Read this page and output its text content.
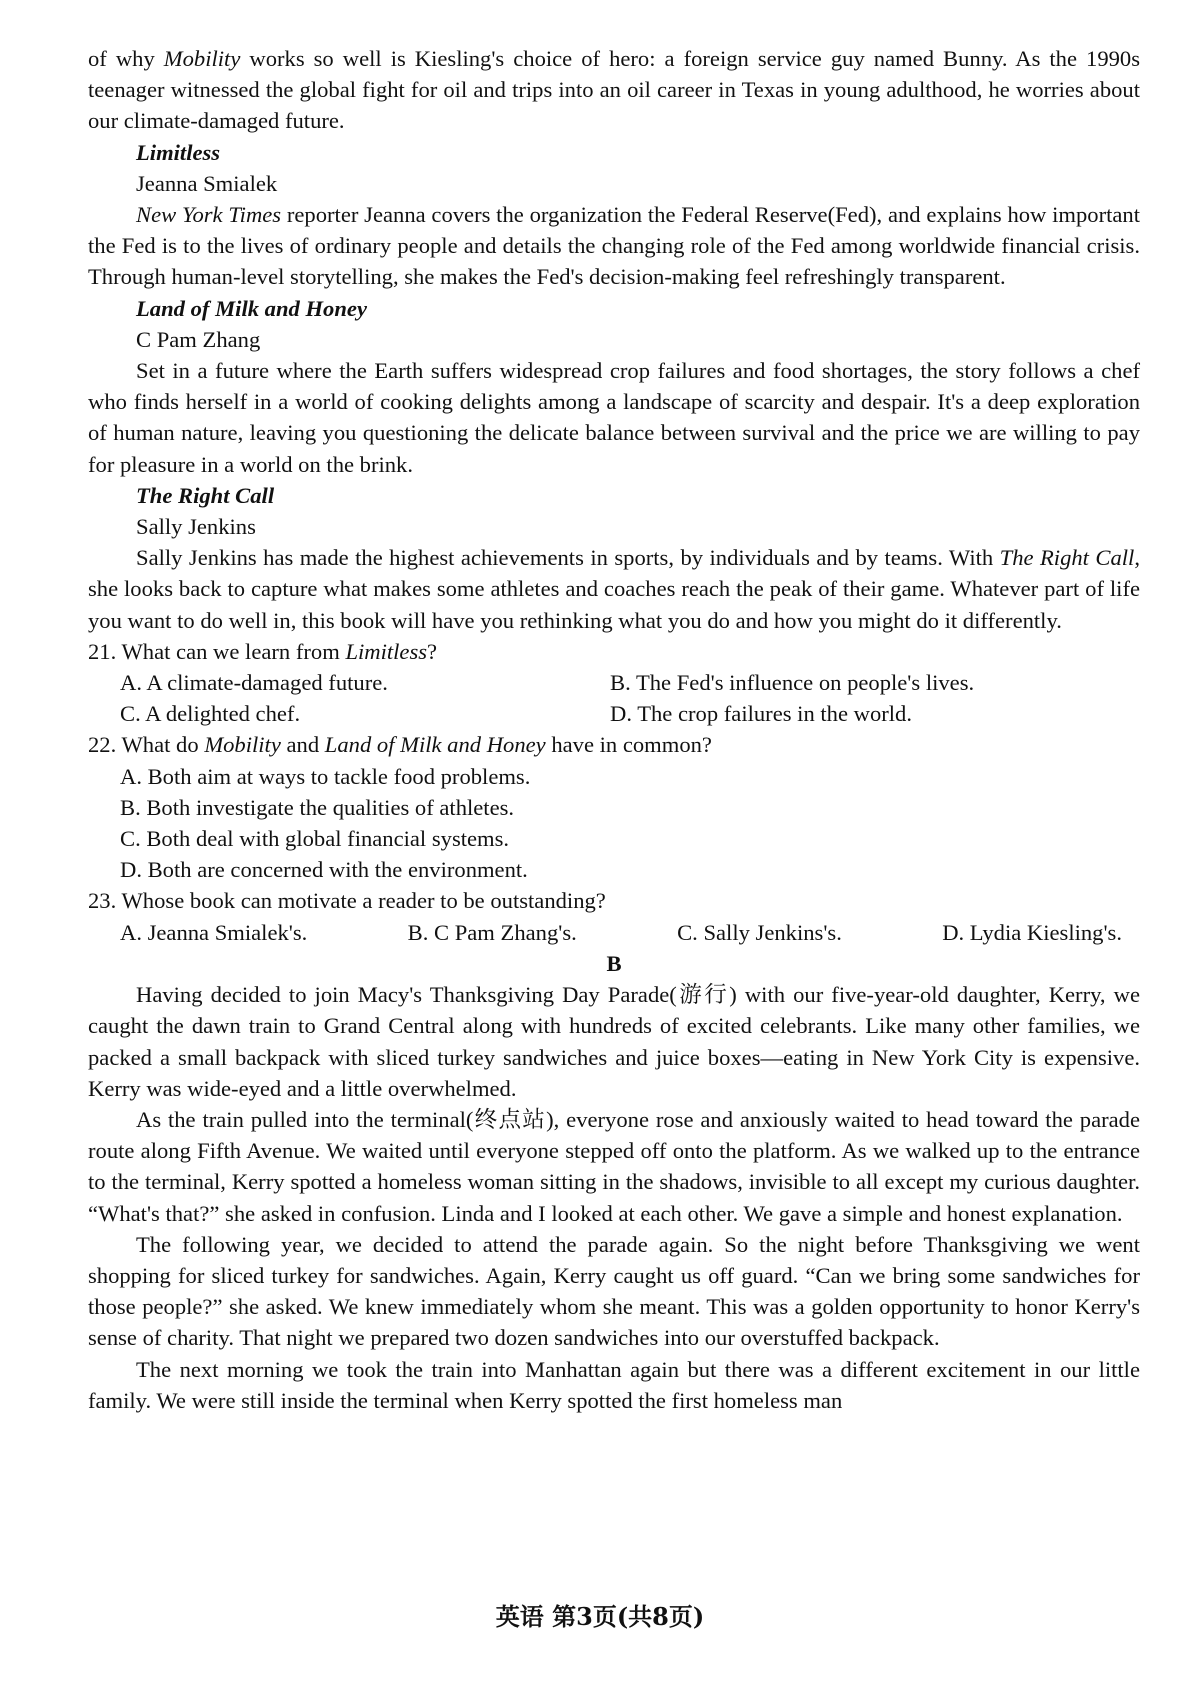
of why Mobility works so well is Kiesling's choice of hero: a foreign service guy named Bunny. As the 1990s teenager witnessed the global fight for oil and trips into an oil career in Texas in young adulthood, he worries about our climate-damaged future.

Limitless

Jeanna Smialek

New York Times reporter Jeanna covers the organization the Federal Reserve(Fed), and explains how important the Fed is to the lives of ordinary people and details the changing role of the Fed among worldwide financial crisis. Through human-level storytelling, she makes the Fed's decision-making feel refreshingly transparent.

Land of Milk and Honey

C Pam Zhang

Set in a future where the Earth suffers widespread crop failures and food shortages, the story follows a chef who finds herself in a world of cooking delights among a landscape of scarcity and despair. It's a deep exploration of human nature, leaving you questioning the delicate balance between survival and the price we are willing to pay for pleasure in a world on the brink.

The Right Call

Sally Jenkins

Sally Jenkins has made the highest achievements in sports, by individuals and by teams. With The Right Call, she looks back to capture what makes some athletes and coaches reach the peak of their game. Whatever part of life you want to do well in, this book will have you rethinking what you do and how you might do it differently.

21. What can we learn from Limitless?

A. A climate-damaged future.	B. The Fed's influence on people's lives.
C. A delighted chef.	D. The crop failures in the world.

22. What do Mobility and Land of Milk and Honey have in common?

A. Both aim at ways to tackle food problems.

B. Both investigate the qualities of athletes.

C. Both deal with global financial systems.

D. Both are concerned with the environment.

23. Whose book can motivate a reader to be outstanding?

A. Jeanna Smialek's.	B. C Pam Zhang's.	C. Sally Jenkins's.	D. Lydia Kiesling's.

B

Having decided to join Macy's Thanksgiving Day Parade(游行) with our five-year-old daughter, Kerry, we caught the dawn train to Grand Central along with hundreds of excited celebrants. Like many other families, we packed a small backpack with sliced turkey sandwiches and juice boxes—eating in New York City is expensive. Kerry was wide-eyed and a little overwhelmed.

As the train pulled into the terminal(终点站), everyone rose and anxiously waited to head toward the parade route along Fifth Avenue. We waited until everyone stepped off onto the platform. As we walked up to the entrance to the terminal, Kerry spotted a homeless woman sitting in the shadows, invisible to all except my curious daughter. “What's that?” she asked in confusion. Linda and I looked at each other. We gave a simple and honest explanation.

The following year, we decided to attend the parade again. So the night before Thanksgiving we went shopping for sliced turkey for sandwiches. Again, Kerry caught us off guard. “Can we bring some sandwiches for those people?” she asked. We knew immediately whom she meant. This was a golden opportunity to honor Kerry's sense of charity. That night we prepared two dozen sandwiches into our overstuffed backpack.

The next morning we took the train into Manhattan again but there was a different excitement in our little family. We were still inside the terminal when Kerry spotted the first homeless man

英语 第3页(共8页)
